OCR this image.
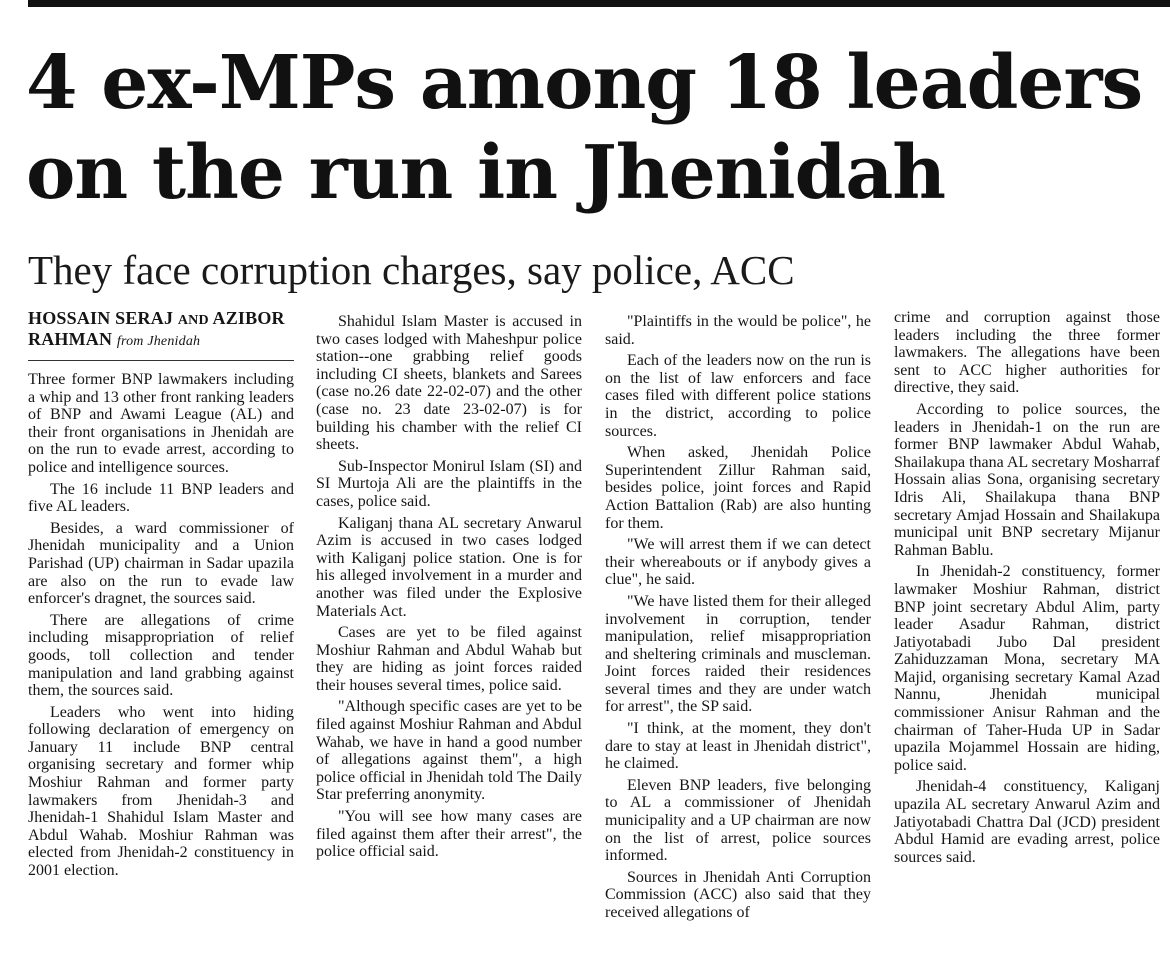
4 ex-MPs among 18 leaders
on the run in Jhenidah
They face corruption charges, say police, ACC
HOSSAIN SERAJ AND AZIBOR
RAHMAN from Jhenidah

Three former BNP lawmakers including a whip and 13 other front ranking leaders of BNP and Awami League (AL) and their front organisations in Jhenidah are on the run to evade arrest, according to police and intelligence sources.

The 16 include 11 BNP leaders and five AL leaders.

Besides, a ward commissioner of Jhenidah municipality and a Union Parishad (UP) chairman in Sadar upazila are also on the run to evade law enforcer's dragnet, the sources said.

There are allegations of crime including misappropriation of relief goods, toll collection and tender manipulation and land grabbing against them, the sources said.

Leaders who went into hiding following declaration of emergency on January 11 include BNP central organising secretary and former whip Moshiur Rahman and former party lawmakers from Jhenidah-3 and Jhenidah-1 Shahidul Islam Master and Abdul Wahab. Moshiur Rahman was elected from Jhenidah-2 constituency in 2001 election.

Shahidul Islam Master is accused in two cases lodged with Maheshpur police station--one grabbing relief goods including CI sheets, blankets and Sarees (case no.26 date 22-02-07) and the other (case no. 23 date 23-02-07) is for building his chamber with the relief CI sheets.

Sub-Inspector Monirul Islam (SI) and SI Murtoja Ali are the plaintiffs in the cases, police said.

Kaliganj thana AL secretary Anwarul Azim is accused in two cases lodged with Kaliganj police station. One is for his alleged involvement in a murder and another was filed under the Explosive Materials Act.

Cases are yet to be filed against Moshiur Rahman and Abdul Wahab but they are hiding as joint forces raided their houses several times, police said.

"Although specific cases are yet to be filed against Moshiur Rahman and Abdul Wahab, we have in hand a good number of allegations against them", a high police official in Jhenidah told The Daily Star preferring anonymity.

"You will see how many cases are filed against them after their arrest", the police official said.

"Plaintiffs in the would be police", he said.

Each of the leaders now on the run is on the list of law enforcers and face cases filed with different police stations in the district, according to police sources.

When asked, Jhenidah Police Superintendent Zillur Rahman said, besides police, joint forces and Rapid Action Battalion (Rab) are also hunting for them.

"We will arrest them if we can detect their whereabouts or if anybody gives a clue", he said.

"We have listed them for their alleged involvement in corruption, tender manipulation, relief misappropriation and sheltering criminals and muscleman. Joint forces raided their residences several times and they are under watch for arrest", the SP said.

"I think, at the moment, they don't dare to stay at least in Jhenidah district", he claimed.

Eleven BNP leaders, five belonging to AL a commissioner of Jhenidah municipality and a UP chairman are now on the list of arrest, police sources informed.

Sources in Jhenidah Anti Corruption Commission (ACC) also said that they received allegations of

crime and corruption against those leaders including the three former lawmakers. The allegations have been sent to ACC higher authorities for directive, they said.

According to police sources, the leaders in Jhenidah-1 on the run are former BNP lawmaker Abdul Wahab, Shailakupa thana AL secretary Mosharraf Hossain alias Sona, organising secretary Idris Ali, Shailakupa thana BNP secretary Amjad Hossain and Shailakupa municipal unit BNP secretary Mijanur Rahman Bablu.

In Jhenidah-2 constituency, former lawmaker Moshiur Rahman, district BNP joint secretary Abdul Alim, party leader Asadur Rahman, district Jatiyotabadi Jubo Dal president Zahiduzzaman Mona, secretary MA Majid, organising secretary Kamal Azad Nannu, Jhenidah municipal commissioner Anisur Rahman and the chairman of Taher-Huda UP in Sadar upazila Mojammel Hossain are hiding, police said.

Jhenidah-4 constituency, Kaliganj upazila AL secretary Anwarul Azim and Jatiyotabadi Chattra Dal (JCD) president Abdul Hamid are evading arrest, police sources said.
